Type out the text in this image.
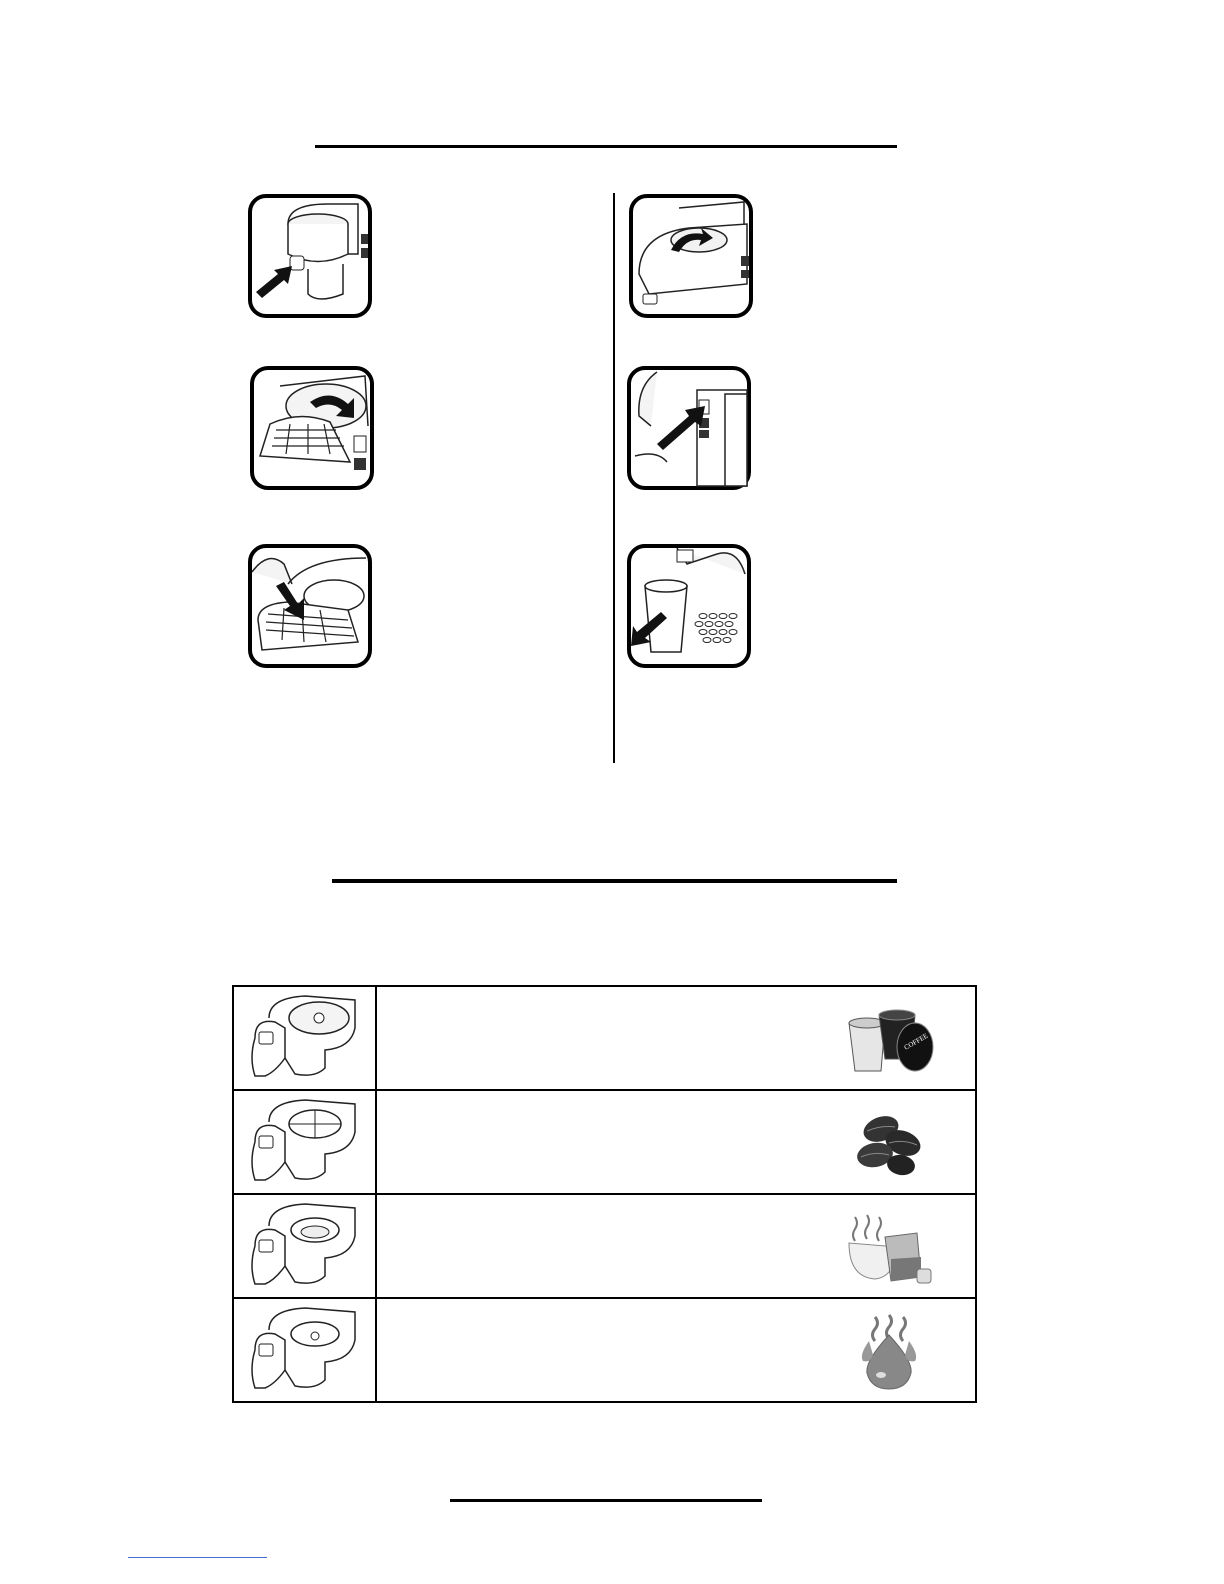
COFFEE
